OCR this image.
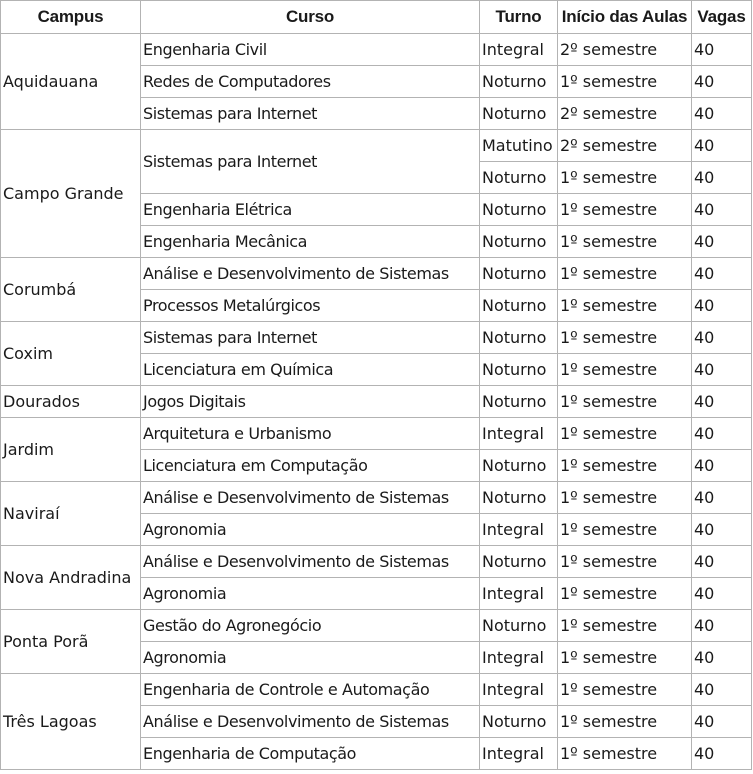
Campus	Curso	Turno	Início das Aulas	Vagas
Aquidauana	Engenharia Civil	Integral	2º semestre	40
	Redes de Computadores	Noturno	1º semestre	40
	Sistemas para Internet	Noturno	2º semestre	40
Campo Grande	Sistemas para Internet	Matutino	2º semestre	40
		Noturno	1º semestre	40
	Engenharia Elétrica	Noturno	1º semestre	40
	Engenharia Mecânica	Noturno	1º semestre	40
Corumbá	Análise e Desenvolvimento de Sistemas	Noturno	1º semestre	40
	Processos Metalúrgicos	Noturno	1º semestre	40
Coxim	Sistemas para Internet	Noturno	1º semestre	40
	Licenciatura em Química	Noturno	1º semestre	40
Dourados	Jogos Digitais	Noturno	1º semestre	40
Jardim	Arquitetura e Urbanismo	Integral	1º semestre	40
	Licenciatura em Computação	Noturno	1º semestre	40
Naviraí	Análise e Desenvolvimento de Sistemas	Noturno	1º semestre	40
	Agronomia	Integral	1º semestre	40
Nova Andradina	Análise e Desenvolvimento de Sistemas	Noturno	1º semestre	40
	Agronomia	Integral	1º semestre	40
Ponta Porã	Gestão do Agronegócio	Noturno	1º semestre	40
	Agronomia	Integral	1º semestre	40
Três Lagoas	Engenharia de Controle e Automação	Integral	1º semestre	40
	Análise e Desenvolvimento de Sistemas	Noturno	1º semestre	40
	Engenharia de Computação	Integral	1º semestre	40
